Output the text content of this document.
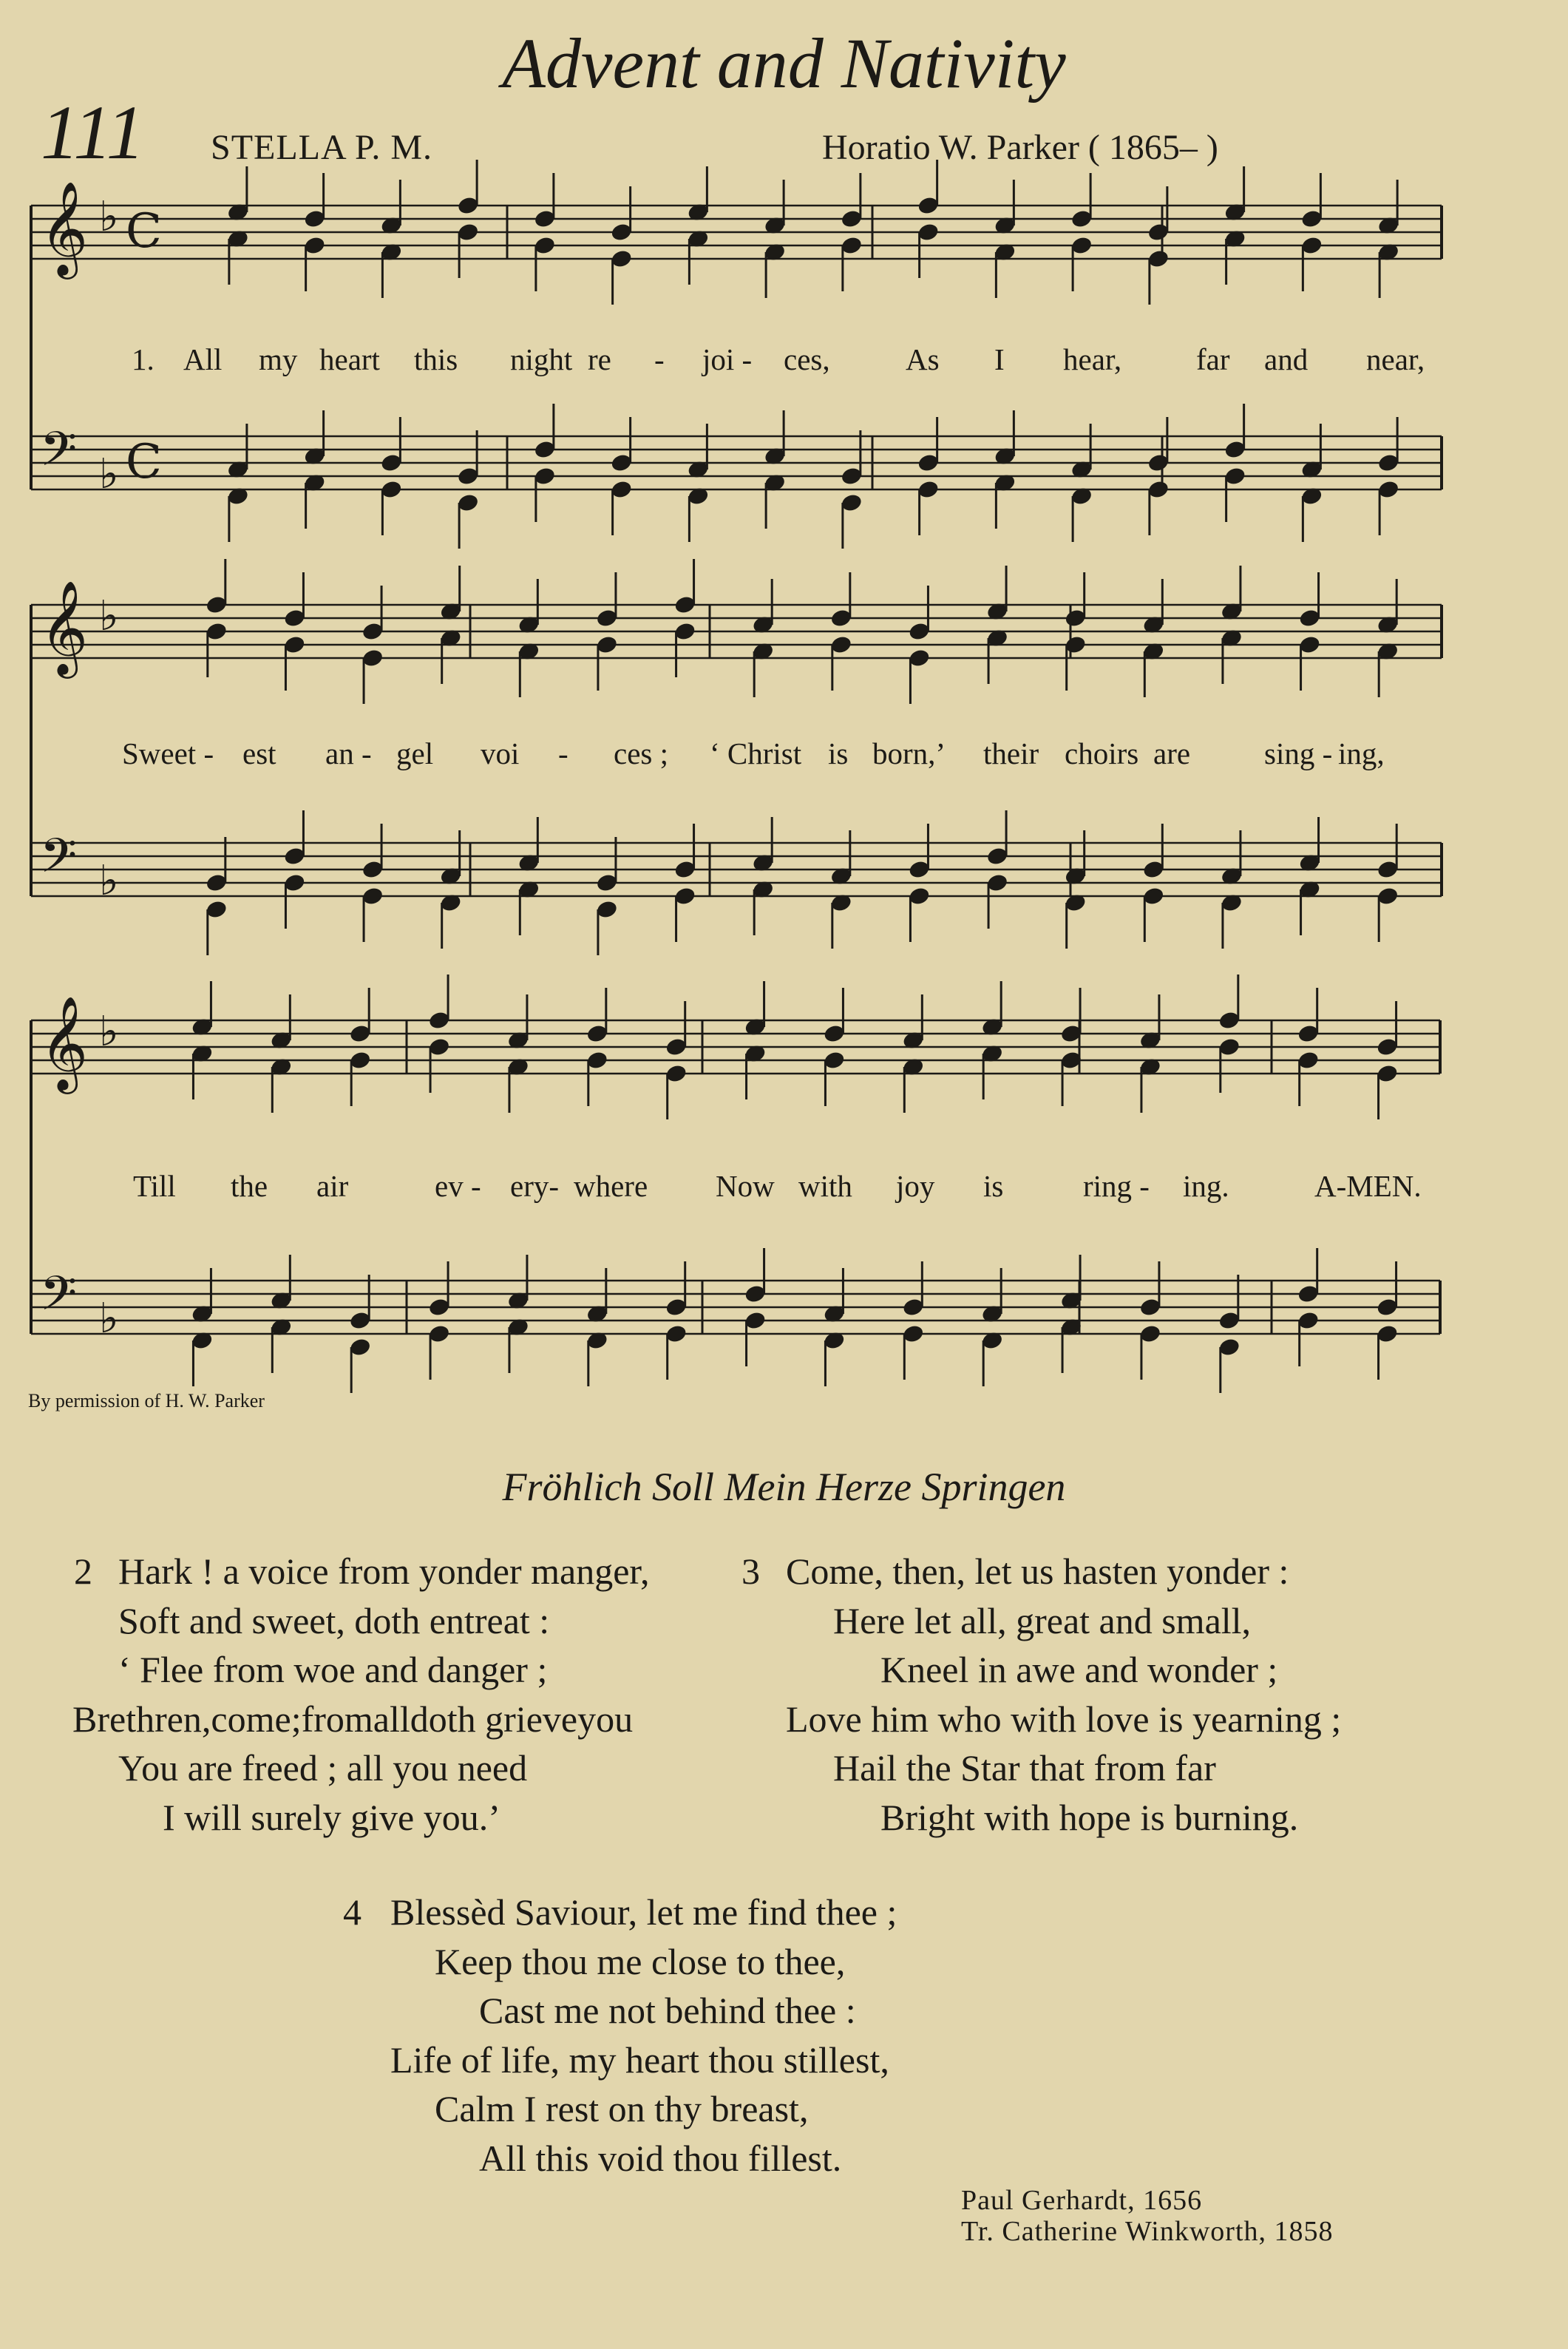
Advent and Nativity
111 STELLA P. M.	Horatio W. Parker ( 1865– )
𝄞 ♭ C
𝄢 ♭ C
𝄞 ♭
𝄢 ♭
𝄞 ♭
𝄢 ♭
1. All my heart this night re - joi - ces, As I hear, far and near,
Sweet - est an - gel voi - ces ; ‘ Christ is born,’ their choirs are sing - ing,
Till the air	ev - ery- where Now with joy is	ring - ing.	A-MEN.
By permission of H. W. Parker
Fröhlich Soll Mein Herze Springen
2 Hark ! a voice from yonder manger,
Soft and sweet, doth entreat :
‘ Flee from woe and danger ;
Brethren,come;fromalldoth grieveyou
You are freed ; all you need
I will surely give you.’
3 Come, then, let us hasten yonder :
Here let all, great and small,
Kneel in awe and wonder ;
Love him who with love is yearning ;
Hail the Star that from far
Bright with hope is burning.
4 Blessèd Saviour, let me find thee ;
Keep thou me close to thee,
Cast me not behind thee :
Life of life, my heart thou stillest,
Calm I rest on thy breast,
All this void thou fillest.
Paul Gerhardt, 1656
Tr. Catherine Winkworth, 1858
